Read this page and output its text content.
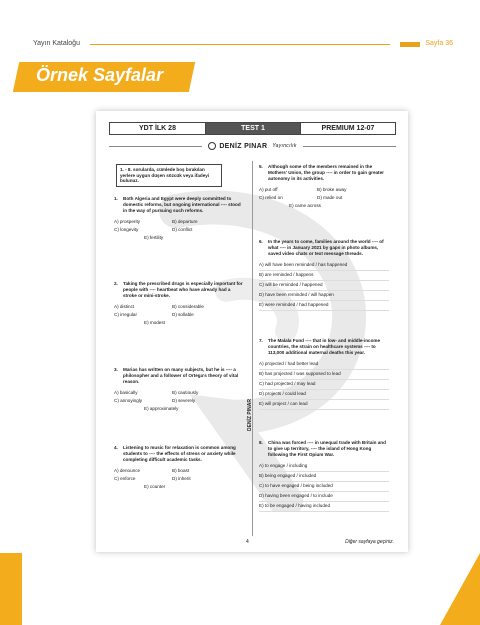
Yayın Kataloğu	Sayfa 36
Örnek Sayfalar
YDT İLK 28	TEST 1	PREMIUM 12-07
DENİZ PINAR Yayıncılık
DENİZ PINAR
1. - 8. sorularda, cümlede boş bırakılan yerlere uygun düşen sözcük veya ifadeyi bulunuz.
1.	Both Algeria and Egypt were deeply committed to domestic reforms, but ongoing international ---- stood in the way of pursuing such reforms.
A) prosperity	B) departure
C) longevity	D) conflict
E) fertility
2.	Taking the prescribed drugs is especially important for people with ---- heartbeat who have already had a stroke or mini-stroke.
A) distinct	B) considerable
C) irregular	D) sollable
E) modest
3.	Marias has written on many subjects, but he is ---- a philosopher and a follower of Ortega's theory of vital reason.
A) basically	B) cautiously
C) annoyingly	D) severely
E) approximately
4.	Listening to music for relaxation is common among students to ---- the effects of stress or anxiety while completing difficult academic tasks.
A) denounce	B) boast
C) enforce	D) inherit
E) counter
5.	Although some of the members remained in the Mothers' Union, the group ---- in order to gain greater autonomy in its activities.
A) put off	B) broke away
C) relied on	D) made out
E) came across
6.	In the years to come, families around the world ---- of what ---- in January 2021 by gaps in photo albums, saved video chats or text message threads.
A) will have been reminded / has happened
B) are reminded / happens
C) will be reminded / happened
D) have been reminded / will happen
E) were reminded / had happened
7.	The Malala Fund ---- that in low- and middle-income countries, the strain on healthcare systems ---- to 113,000 additional maternal deaths this year.
A) projected / had better lead
B) has projected / was supposed to lead
C) had projected / may lead
D) projects / could lead
E) will project / can lead
8.	China was forced ---- in unequal trade with Britain and to give up territory, ---- the island of Hong Kong following the First Opium War.
A) to engage / including
B) being engaged / included
C) to have engaged / being included
D) having been engaged / to include
E) to be engaged / having included
4	Diğer sayfaya geçiniz.
